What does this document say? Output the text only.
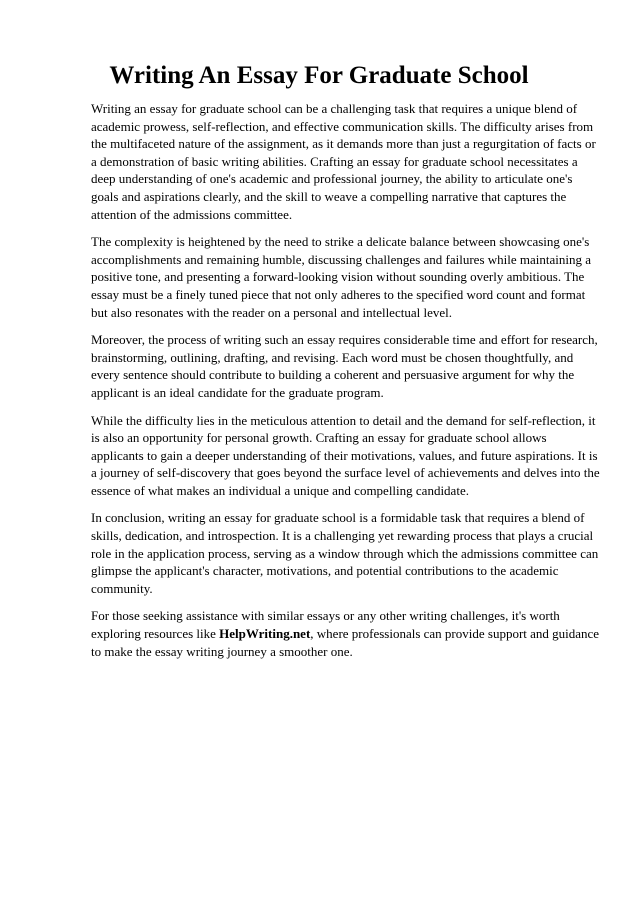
Writing An Essay For Graduate School

Writing an essay for graduate school can be a challenging task that requires a unique blend of academic prowess, self-reflection, and effective communication skills. The difficulty arises from the multifaceted nature of the assignment, as it demands more than just a regurgitation of facts or a demonstration of basic writing abilities. Crafting an essay for graduate school necessitates a deep understanding of one's academic and professional journey, the ability to articulate one's goals and aspirations clearly, and the skill to weave a compelling narrative that captures the attention of the admissions committee.

The complexity is heightened by the need to strike a delicate balance between showcasing one's accomplishments and remaining humble, discussing challenges and failures while maintaining a positive tone, and presenting a forward-looking vision without sounding overly ambitious. The essay must be a finely tuned piece that not only adheres to the specified word count and format but also resonates with the reader on a personal and intellectual level.

Moreover, the process of writing such an essay requires considerable time and effort for research, brainstorming, outlining, drafting, and revising. Each word must be chosen thoughtfully, and every sentence should contribute to building a coherent and persuasive argument for why the applicant is an ideal candidate for the graduate program.

While the difficulty lies in the meticulous attention to detail and the demand for self-reflection, it is also an opportunity for personal growth. Crafting an essay for graduate school allows applicants to gain a deeper understanding of their motivations, values, and future aspirations. It is a journey of self-discovery that goes beyond the surface level of achievements and delves into the essence of what makes an individual a unique and compelling candidate.

In conclusion, writing an essay for graduate school is a formidable task that requires a blend of skills, dedication, and introspection. It is a challenging yet rewarding process that plays a crucial role in the application process, serving as a window through which the admissions committee can glimpse the applicant's character, motivations, and potential contributions to the academic community.

For those seeking assistance with similar essays or any other writing challenges, it's worth exploring resources like HelpWriting.net, where professionals can provide support and guidance to make the essay writing journey a smoother one.
